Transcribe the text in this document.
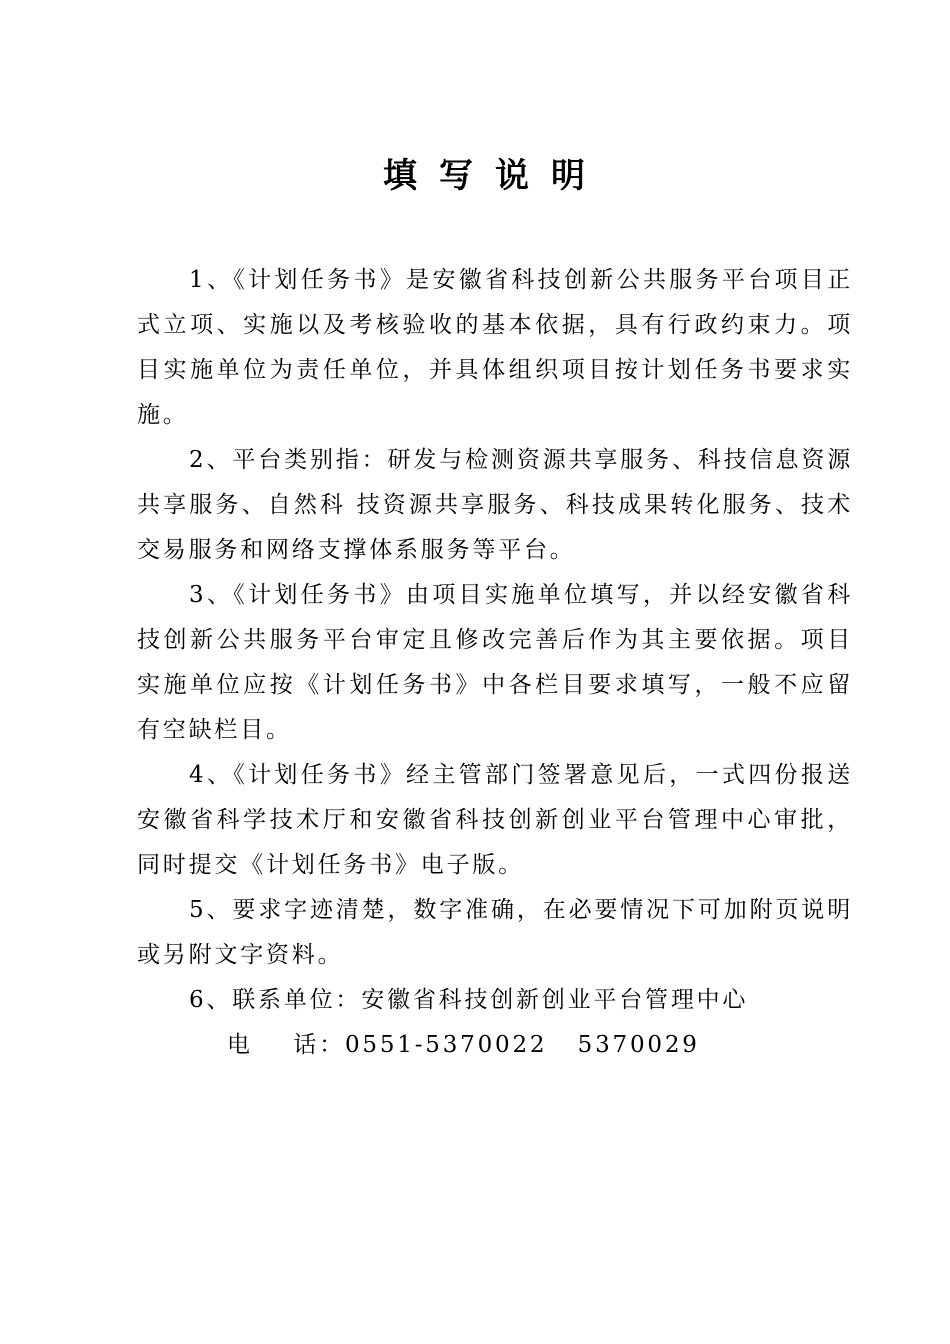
填写说明

1、《计划任务书》是安徽省科技创新公共服务平台项目正式立项、实施以及考核验收的基本依据，具有行政约束力。项目实施单位为责任单位，并具体组织项目按计划任务书要求实施。

2、平台类别指：研发与检测资源共享服务、科技信息资源共享服务、自然科 技资源共享服务、科技成果转化服务、技术交易服务和网络支撑体系服务等平台。

3、《计划任务书》由项目实施单位填写，并以经安徽省科技创新公共服务平台审定且修改完善后作为其主要依据。项目实施单位应按《计划任务书》中各栏目要求填写，一般不应留有空缺栏目。

4、《计划任务书》经主管部门签署意见后，一式四份报送安徽省科学技术厅和安徽省科技创新创业平台管理中心审批，同时提交《计划任务书》电子版。

5、要求字迹清楚，数字准确，在必要情况下可加附页说明或另附文字资料。

6、联系单位：安徽省科技创新创业平台管理中心

电 话： 0551-5370022   5370029
